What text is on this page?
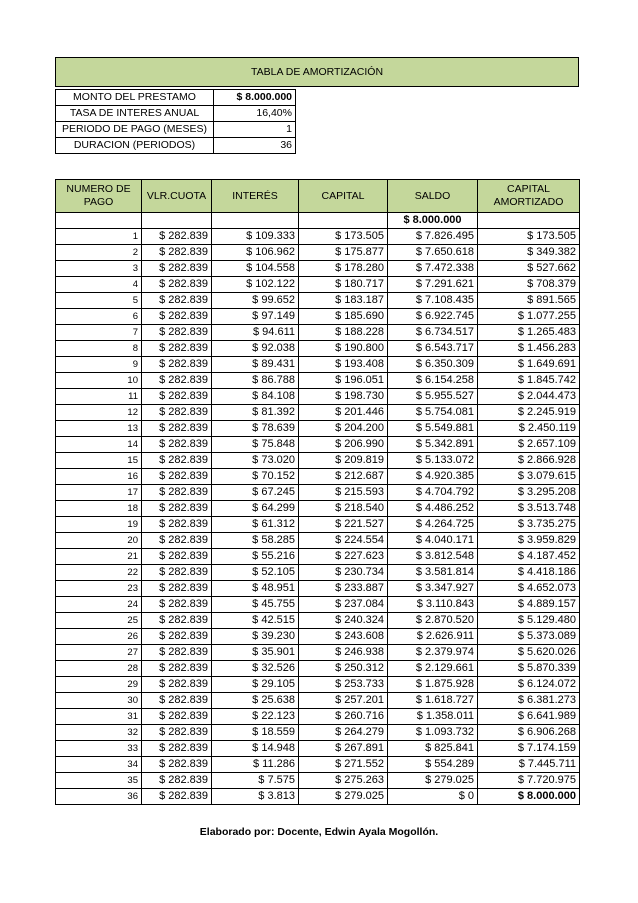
TABLA DE AMORTIZACIÓN
MONTO DEL PRESTAMO	$ 8.000.000
TASA DE INTERES ANUAL	16,40%
PERIODO DE PAGO (MESES)	1
DURACION (PERIODOS)	36
NUMERO DE PAGO	VLR.CUOTA	INTERÉS	CAPITAL	SALDO	CAPITAL AMORTIZADO
				$ 8.000.000	
1	$ 282.839	$ 109.333	$ 173.505	$ 7.826.495	$ 173.505
2	$ 282.839	$ 106.962	$ 175.877	$ 7.650.618	$ 349.382
3	$ 282.839	$ 104.558	$ 178.280	$ 7.472.338	$ 527.662
4	$ 282.839	$ 102.122	$ 180.717	$ 7.291.621	$ 708.379
5	$ 282.839	$ 99.652	$ 183.187	$ 7.108.435	$ 891.565
6	$ 282.839	$ 97.149	$ 185.690	$ 6.922.745	$ 1.077.255
7	$ 282.839	$ 94.611	$ 188.228	$ 6.734.517	$ 1.265.483
8	$ 282.839	$ 92.038	$ 190.800	$ 6.543.717	$ 1.456.283
9	$ 282.839	$ 89.431	$ 193.408	$ 6.350.309	$ 1.649.691
10	$ 282.839	$ 86.788	$ 196.051	$ 6.154.258	$ 1.845.742
11	$ 282.839	$ 84.108	$ 198.730	$ 5.955.527	$ 2.044.473
12	$ 282.839	$ 81.392	$ 201.446	$ 5.754.081	$ 2.245.919
13	$ 282.839	$ 78.639	$ 204.200	$ 5.549.881	$ 2.450.119
14	$ 282.839	$ 75.848	$ 206.990	$ 5.342.891	$ 2.657.109
15	$ 282.839	$ 73.020	$ 209.819	$ 5.133.072	$ 2.866.928
16	$ 282.839	$ 70.152	$ 212.687	$ 4.920.385	$ 3.079.615
17	$ 282.839	$ 67.245	$ 215.593	$ 4.704.792	$ 3.295.208
18	$ 282.839	$ 64.299	$ 218.540	$ 4.486.252	$ 3.513.748
19	$ 282.839	$ 61.312	$ 221.527	$ 4.264.725	$ 3.735.275
20	$ 282.839	$ 58.285	$ 224.554	$ 4.040.171	$ 3.959.829
21	$ 282.839	$ 55.216	$ 227.623	$ 3.812.548	$ 4.187.452
22	$ 282.839	$ 52.105	$ 230.734	$ 3.581.814	$ 4.418.186
23	$ 282.839	$ 48.951	$ 233.887	$ 3.347.927	$ 4.652.073
24	$ 282.839	$ 45.755	$ 237.084	$ 3.110.843	$ 4.889.157
25	$ 282.839	$ 42.515	$ 240.324	$ 2.870.520	$ 5.129.480
26	$ 282.839	$ 39.230	$ 243.608	$ 2.626.911	$ 5.373.089
27	$ 282.839	$ 35.901	$ 246.938	$ 2.379.974	$ 5.620.026
28	$ 282.839	$ 32.526	$ 250.312	$ 2.129.661	$ 5.870.339
29	$ 282.839	$ 29.105	$ 253.733	$ 1.875.928	$ 6.124.072
30	$ 282.839	$ 25.638	$ 257.201	$ 1.618.727	$ 6.381.273
31	$ 282.839	$ 22.123	$ 260.716	$ 1.358.011	$ 6.641.989
32	$ 282.839	$ 18.559	$ 264.279	$ 1.093.732	$ 6.906.268
33	$ 282.839	$ 14.948	$ 267.891	$ 825.841	$ 7.174.159
34	$ 282.839	$ 11.286	$ 271.552	$ 554.289	$ 7.445.711
35	$ 282.839	$ 7.575	$ 275.263	$ 279.025	$ 7.720.975
36	$ 282.839	$ 3.813	$ 279.025	$ 0	$ 8.000.000
Elaborado por: Docente, Edwin Ayala Mogollón.
